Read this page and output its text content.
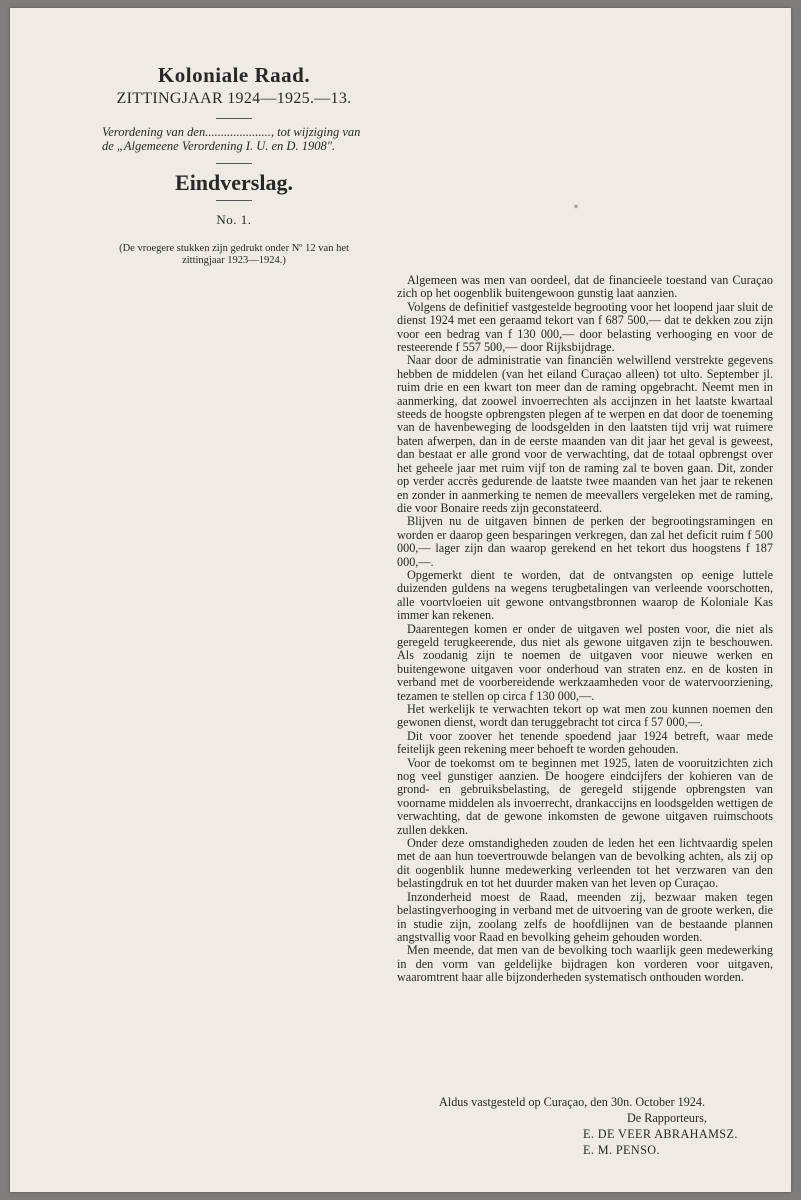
Koloniale Raad.
ZITTINGJAAR 1924—1925.—13.
Verordening van den....................., tot wijziging van de „Algemeene Verordening I. U. en D. 1908".
Eindverslag.
No. 1.
(De vroegere stukken zijn gedrukt onder Nº 12 van het zittingjaar 1923—1924.)
*

Algemeen was men van oordeel, dat de financieele toestand van Curaçao zich op het oogenblik buitengewoon gunstig laat aanzien.

Volgens de definitief vastgestelde begrooting voor het loopend jaar sluit de dienst 1924 met een geraamd tekort van f 687 500,— dat te dekken zou zijn voor een bedrag van f 130 000,— door belasting verhooging en voor de resteerende f 557 500,— door Rijksbijdrage.

Naar door de administratie van financiën welwillend verstrekte gegevens hebben de middelen (van het eiland Curaçao alleen) tot ulto. September jl. ruim drie en een kwart ton meer dan de raming opgebracht. Neemt men in aanmerking, dat zoowel invoerrechten als accijnzen in het laatste kwartaal steeds de hoogste opbrengsten plegen af te werpen en dat door de toeneming van de havenbeweging de loodsgelden in den laatsten tijd vrij wat ruimere baten afwerpen, dan in de eerste maanden van dit jaar het geval is geweest, dan bestaat er alle grond voor de verwachting, dat de totaal opbrengst over het geheele jaar met ruim vijf ton de raming zal te boven gaan. Dit, zonder op verder accrès gedurende de laatste twee maanden van het jaar te rekenen en zonder in aanmerking te nemen de meevallers vergeleken met de raming, die voor Bonaire reeds zijn geconstateerd.

Blijven nu de uitgaven binnen de perken der begrootingsramingen en worden er daarop geen besparingen verkregen, dan zal het deficit ruim f 500 000,— lager zijn dan waarop gerekend en het tekort dus hoogstens f 187 000,—.

Opgemerkt dient te worden, dat de ontvangsten op eenige luttele duizenden guldens na wegens terugbetalingen van verleende voorschotten, alle voortvloeien uit gewone ontvangstbronnen waarop de Koloniale Kas immer kan rekenen.

Daarentegen komen er onder de uitgaven wel posten voor, die niet als geregeld terugkeerende, dus niet als gewone uitgaven zijn te beschouwen. Als zoodanig zijn te noemen de uitgaven voor nieuwe werken en buitengewone uitgaven voor onderhoud van straten enz. en de kosten in verband met de voorbereidende werkzaamheden voor de watervoorziening, tezamen te stellen op circa f 130 000,—.

Het werkelijk te verwachten tekort op wat men zou kunnen noemen den gewonen dienst, wordt dan teruggebracht tot circa f 57 000,—.

Dit voor zoover het tenende spoedend jaar 1924 betreft, waar mede feitelijk geen rekening meer behoeft te worden gehouden.

Voor de toekomst om te beginnen met 1925, laten de vooruitzichten zich nog veel gunstiger aanzien. De hoogere eindcijfers der kohieren van de grond- en gebruiksbelasting, de geregeld stijgende opbrengsten van voorname middelen als invoerrecht, drankaccijns en loodsgelden wettigen de verwachting, dat de gewone inkomsten de gewone uitgaven ruimschoots zullen dekken.

Onder deze omstandigheden zouden de leden het een lichtvaardig spelen met de aan hun toevertrouwde belangen van de bevolking achten, als zij op dit oogenblik hunne medewerking verleenden tot het verzwaren van den belastingdruk en tot het duurder maken van het leven op Curaçao.

Inzonderheid moest de Raad, meenden zij, bezwaar maken tegen belastingverhooging in verband met de uitvoering van de groote werken, die in studie zijn, zoolang zelfs de hoofdlijnen van de bestaande plannen angstvallig voor Raad en bevolking geheim gehouden worden.

Men meende, dat men van de bevolking toch waarlijk geen medewerking in den vorm van geldelijke bijdragen kon vorderen voor uitgaven, waaromtrent haar alle bijzonderheden systematisch onthouden worden.

Aldus vastgesteld op Curaçao, den 30n. October 1924.
De Rapporteurs,
E. DE VEER ABRAHAMSZ.
E. M. PENSO.
